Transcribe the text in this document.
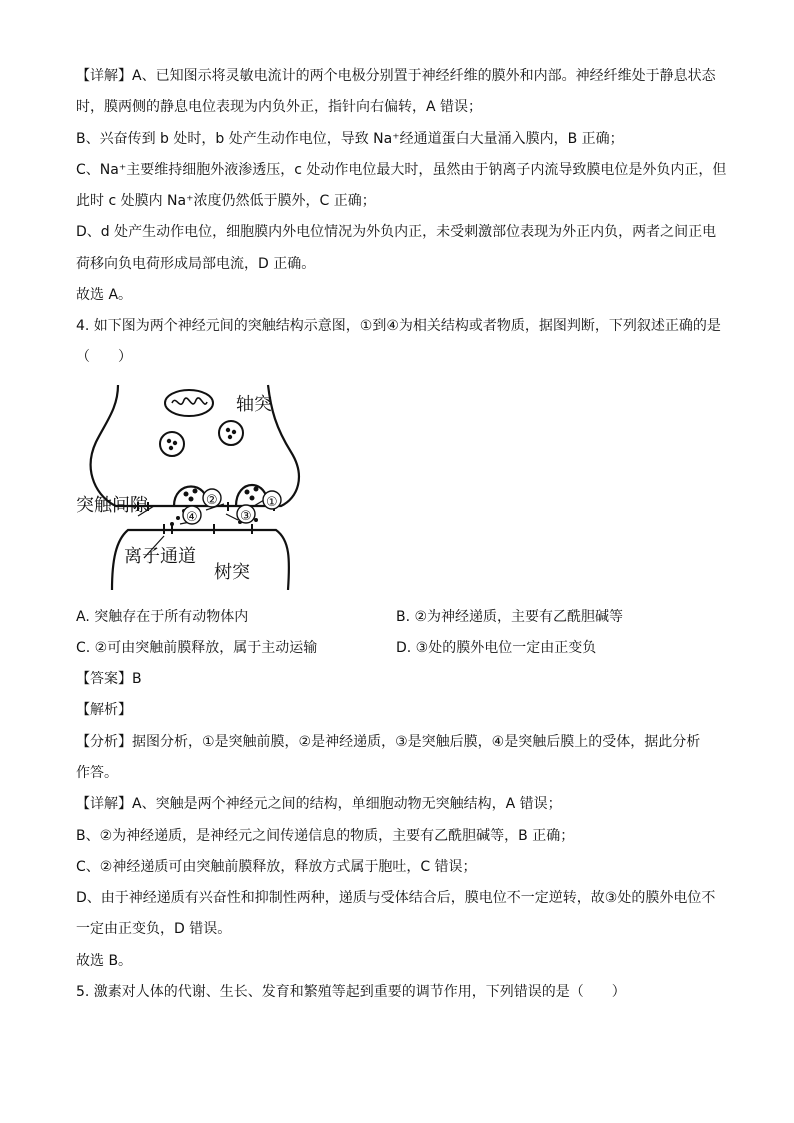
【详解】A、已知图示将灵敏电流计的两个电极分别置于神经纤维的膜外和内部。神经纤维处于静息状态
时，膜两侧的静息电位表现为内负外正，指针向右偏转，A 错误；
B、兴奋传到 b 处时，b 处产生动作电位，导致 Na⁺经通道蛋白大量涌入膜内，B 正确；
C、Na⁺主要维持细胞外液渗透压，c 处动作电位最大时，虽然由于钠离子内流导致膜电位是外负内正，但
此时 c 处膜内 Na⁺浓度仍然低于膜外，C 正确；
D、d 处产生动作电位，细胞膜内外电位情况为外负内正，未受刺激部位表现为外正内负，两者之间正电
荷移向负电荷形成局部电流，D 正确。
故选 A。
4. 如下图为两个神经元间的突触结构示意图，①到④为相关结构或者物质，据图判断，下列叙述正确的是
（　　）
轴突
突触间隙
离子通道
树突
①
②
③
④
A. 突触存在于所有动物体内	B. ②为神经递质，主要有乙酰胆碱等
C. ②可由突触前膜释放，属于主动运输	D. ③处的膜外电位一定由正变负
【答案】B
【解析】
【分析】据图分析，①是突触前膜，②是神经递质，③是突触后膜，④是突触后膜上的受体，据此分析
作答。
【详解】A、突触是两个神经元之间的结构，单细胞动物无突触结构，A 错误；
B、②为神经递质，是神经元之间传递信息的物质，主要有乙酰胆碱等，B 正确；
C、②神经递质可由突触前膜释放，释放方式属于胞吐，C 错误；
D、由于神经递质有兴奋性和抑制性两种，递质与受体结合后，膜电位不一定逆转，故③处的膜外电位不
一定由正变负，D 错误。
故选 B。
5. 激素对人体的代谢、生长、发育和繁殖等起到重要的调节作用，下列错误的是（　　）
